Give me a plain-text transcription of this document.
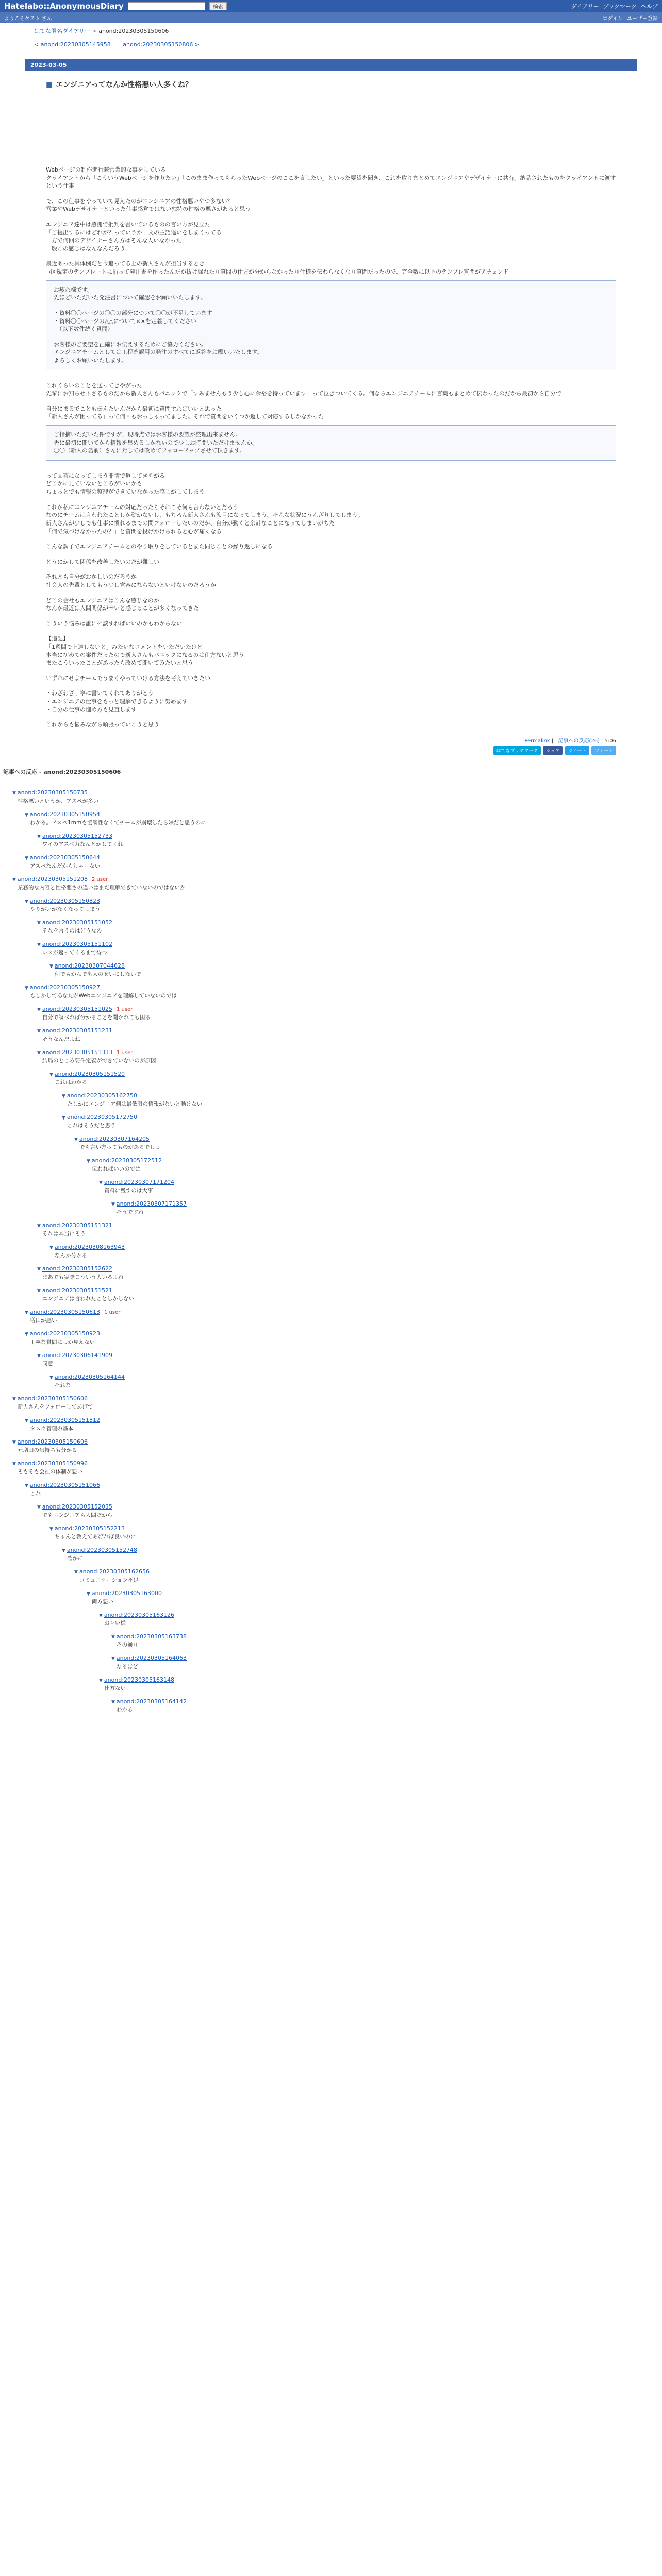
Hatelabo::AnonymousDiary	検索	ダイアリー ブックマーク ヘルプ
ようこそゲスト さん	ログイン ユーザー登録
はてな匿名ダイアリー > anond:20230305150606
< anond:20230305145958 anond:20230305150806 >
2023-03-05
■ エンジニアってなんか性格悪い人多くね？

Webページの制作進行兼営業的な事をしている

クライアントから「こういうWebページを作りたい」「このまま作ってもらったWebページのここを直したい」といった要望を聞き、これを取りまとめてエンジニアやデザイナーに共有。納品されたものをクライアントに渡すという仕事

で、この仕事をやっていて見えたのがエンジニアの性格悪いやつ多ない？

営業やWebデザイナーといった仕事感覚ではない独特の性格の悪さがあると思う

エンジニア達中は感謝で批判を書いているものの言い方が見立た

「ご提出するにはどれが？っていうか一文の主語違いをしまくってる

一方で何回のデザイナーさん方はそんな人いなかった

一般この感じはなんなんだろう

最近あった具体例だと今追ってる上の新人さんが担当するとき

→区規定のテンプレートに沿って発注書を作ったんだが抜け漏れたり質問の仕方が分からなかったり仕様を伝わらなくなり質問だったので、完全数に以下のテンプレ質問がアチェンド

お疲れ様です。

先ほどいただいた発注書について確認をお願いいたします。

・資料〇〇ページの〇〇の部分について〇〇が不足しています

・資料〇〇ページの△△について××を定義してください

　（以下数件続く質問）

お客様のご要望を正確にお伝えするためにご協力ください。

エンジニアチームとしては工程確認用の発注のすべてに返答をお願いいたします。

よろしくお願いいたします。

これくらいのことを送ってきやがった

先輩にお知らせ下さるものだから新人さんもパニックで「すみませんもう少し心に余裕を持っています」って泣きついてくる。何ならエンジニアチームに言葉もまとめて伝わったのだから最初から自分で

自分にまるでことも伝えたいんだから最初に質問すればいいと思った

「新人さんが困ってる」って何回もおっしゃってました。それで質問をいくつか返して対応するしかなかった

ご指摘いただいた件ですが、現時点ではお客様の要望が整理出来ません。

先に最初に聞いてから情報を集めるしかないので少しお時間いただけませんか。

〇〇（新人の名前）さんに対しては改めてフォローアップさせて頂きます。

って回答になってしまう非情で返してきやがる

どこかに見ていないところがいいかも

ちょっとでも情報の整理ができていなかった感じがしてしまう

これが私にエンジニアチームの対応だったらそれこそ何も言わないとだろう

なのにチームは言われたことしか動かないし、もちろん新人さんも涙目になってしまう。そんな状況にうんざりしてしまう。

新人さんが少しでも仕事に慣れるまでの間フォローしたいのだが、自分が動くと余計なことになってしまいがちだ

「何で気づけなかったの？」と質問を投げかけられると心が痛くなる

こんな調子でエンジニアチームとのやり取りをしているとまた同じことの繰り返しになる

どうにかして関係を改善したいのだが難しい

それとも自分がおかしいのだろうか

社会人の先輩としてもう少し寛容にならないといけないのだろうか

どこの会社もエンジニアはこんな感じなのか

なんか最近は人間関係が辛いと感じることが多くなってきた

こういう悩みは誰に相談すればいいのかもわからない

【追記】

「1週間で上達しないと」みたいなコメントをいただいたけど

本当に初めての案件だったので新人さんもパニックになるのは仕方ないと思う

またこういったことがあったら改めて聞いてみたいと思う

いずれにせよチームでうまくやっていける方法を考えていきたい

・わざわざ丁寧に書いてくれてありがとう

・エンジニアの仕事をもっと理解できるように努めます

・自分の仕事の進め方も見直します

これからも悩みながら頑張っていこうと思う

Permalink | 記事への反応(26) 15:06
はてなブックマーク	シェア	ツイート	ツイート
記事への反応 - anond:20230305150606
▼ anond:20230305150735
性格悪いというか、アスペが多い
▼ anond:20230305150954
わかる。アスペ1mmも協調性なくてチームが崩壊したら嫌だと思うのに
▼ anond:20230305152733
ワイのアスペ力なんとかしてくれ
▼ anond:20230305150644
アスペなんだからしゃーない
▼ anond:20230305151208 2 user
業務的な内容と性格悪さの違いはまだ理解できていないのではないか
▼ anond:20230305150823
やりがいがなくなってしまう
▼ anond:20230305151052
それを言うのはどうなの
▼ anond:20230305151102
レスが返ってくるまで待つ
▼ anond:20230307044628
何でもかんでも人のせいにしないで
▼ anond:20230305150927
もしかしてあなたがWebエンジニアを理解していないのでは
▼ anond:20230305151025 1 user
自分で調べれば分かることを聞かれても困る
▼ anond:20230305151231
そうなんだよね
▼ anond:20230305151333 1 user
結局のところ要件定義ができていないのが原因
▼ anond:20230305151520
これはわかる
▼ anond:20230305162750
たしかにエンジニア側は最低限の情報がないと動けない
▼ anond:20230305172750
これはそうだと思う
▼ anond:20230307164205
でも言い方ってものがあるでしょ
▼ anond:20230305172512
伝わればいいのでは
▼ anond:20230307171204
資料に残すのは大事
▼ anond:20230307171357
そうですね
▼ anond:20230305151321
それは本当にそう
▼ anond:20230308163943
なんか分かる
▼ anond:20230305152622
まあでも実際こういう人いるよね
▼ anond:20230305151521
エンジニアは言われたことしかしない
▼ anond:20230305150613 1 user
増田が悪い
▼ anond:20230305150923
丁寧な質問にしか見えない
▼ anond:20230306141909
同意
▼ anond:20230305164144
それな
▼ anond:20230305150606
新人さんをフォローしてあげて
▼ anond:20230305151812
タスク管理の基本
▼ anond:20230305150606
元増田の気持ちも分かる
▼ anond:20230305150996
そもそも会社の体制が悪い
▼ anond:20230305151066
これ
▼ anond:20230305152035
でもエンジニアも人間だから
▼ anond:20230305152213
ちゃんと教えてあげれば良いのに
▼ anond:20230305152748
確かに
▼ anond:20230305162656
コミュニケーション不足
▼ anond:20230305163000
両方悪い
▼ anond:20230305163126
お互い様
▼ anond:20230305163738
その通り
▼ anond:20230305164063
なるほど
▼ anond:20230305163148
仕方ない
▼ anond:20230305164142
わかる
